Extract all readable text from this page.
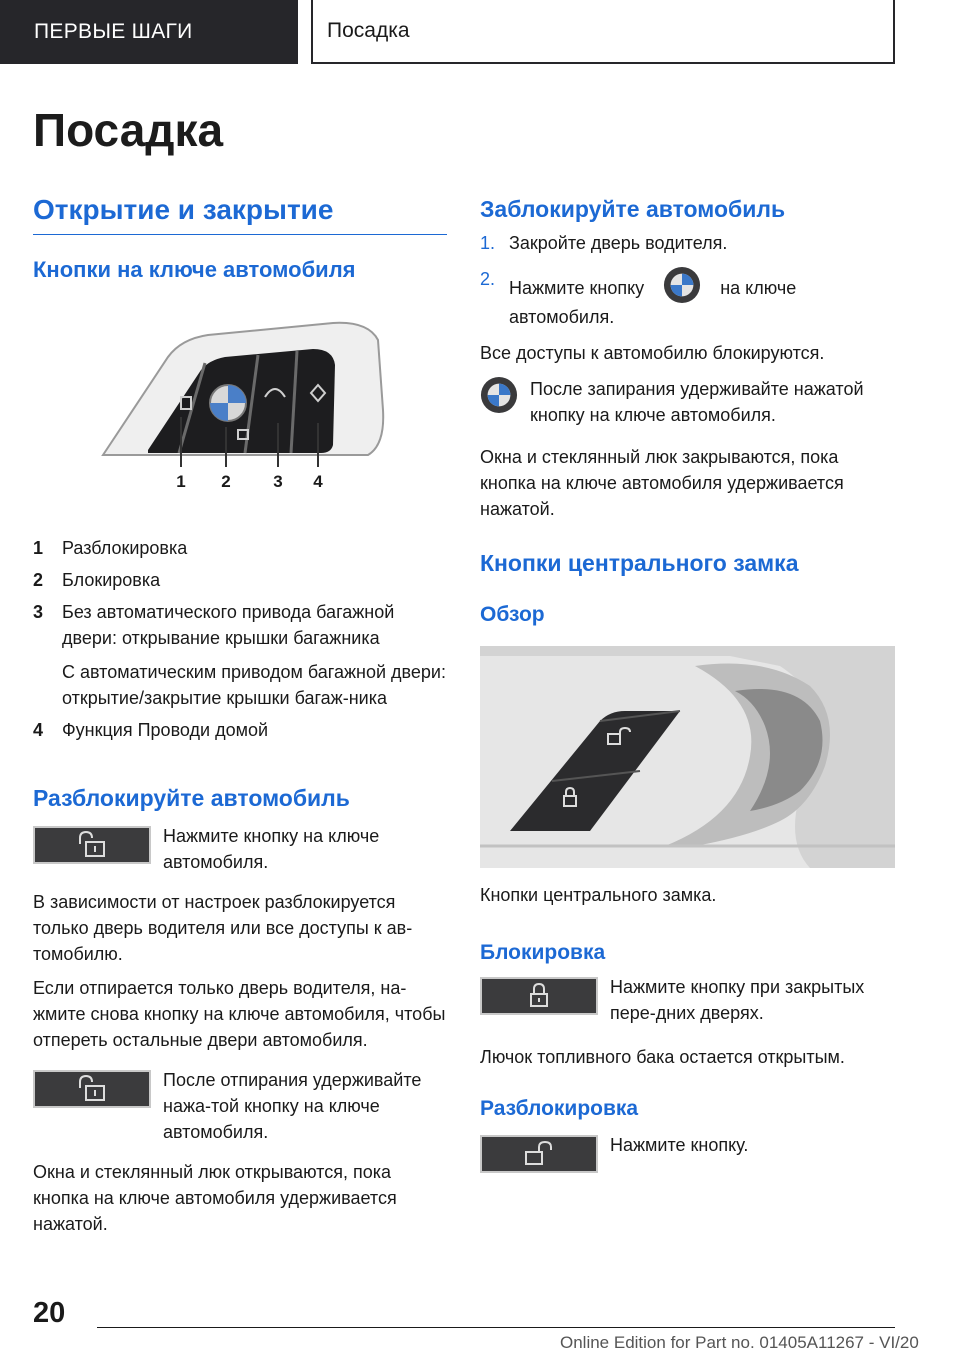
ПЕРВЫЕ ШАГИ	Посадка
Посадка
Открытие и закрытие
Кнопки на ключе автомобиля
1 2	3 4
1	Разблокировка
2	Блокировка
3	Без автоматического привода багажной двери: открывание крышки багажника

С автоматическим приводом багажной двери: открытие/закрытие крышки багаж-ника

4	Функция Проводи домой
Разблокируйте автомобиль

Нажмите кнопку на ключе автомобиля.

В зависимости от настроек разблокируется только дверь водителя или все доступы к ав-томобилю.

Если отпирается только дверь водителя, на-жмите снова кнопку на ключе автомобиля, чтобы отпереть остальные двери автомобиля.

После отпирания удерживайте нажа-той кнопку на ключе автомобиля.

Окна и стеклянный люк открываются, пока кнопка на ключе автомобиля удерживается нажатой.

Заблокируйте автомобиль
1. Закройте дверь водителя.
2. Нажмите кнопку	на ключе автомобиля.

Все доступы к автомобилю блокируются.

После запирания удерживайте нажатой кнопку на ключе автомобиля.

Окна и стеклянный люк закрываются, пока кнопка на ключе автомобиля удерживается нажатой.

Кнопки центрального замка
Обзор

Кнопки центрального замка.

Блокировка

Нажмите кнопку при закрытых пере-дних дверях.

Лючок топливного бака остается открытым.

Разблокировка

Нажмите кнопку.

20
Online Edition for Part no. 01405A11267 - VI/20
